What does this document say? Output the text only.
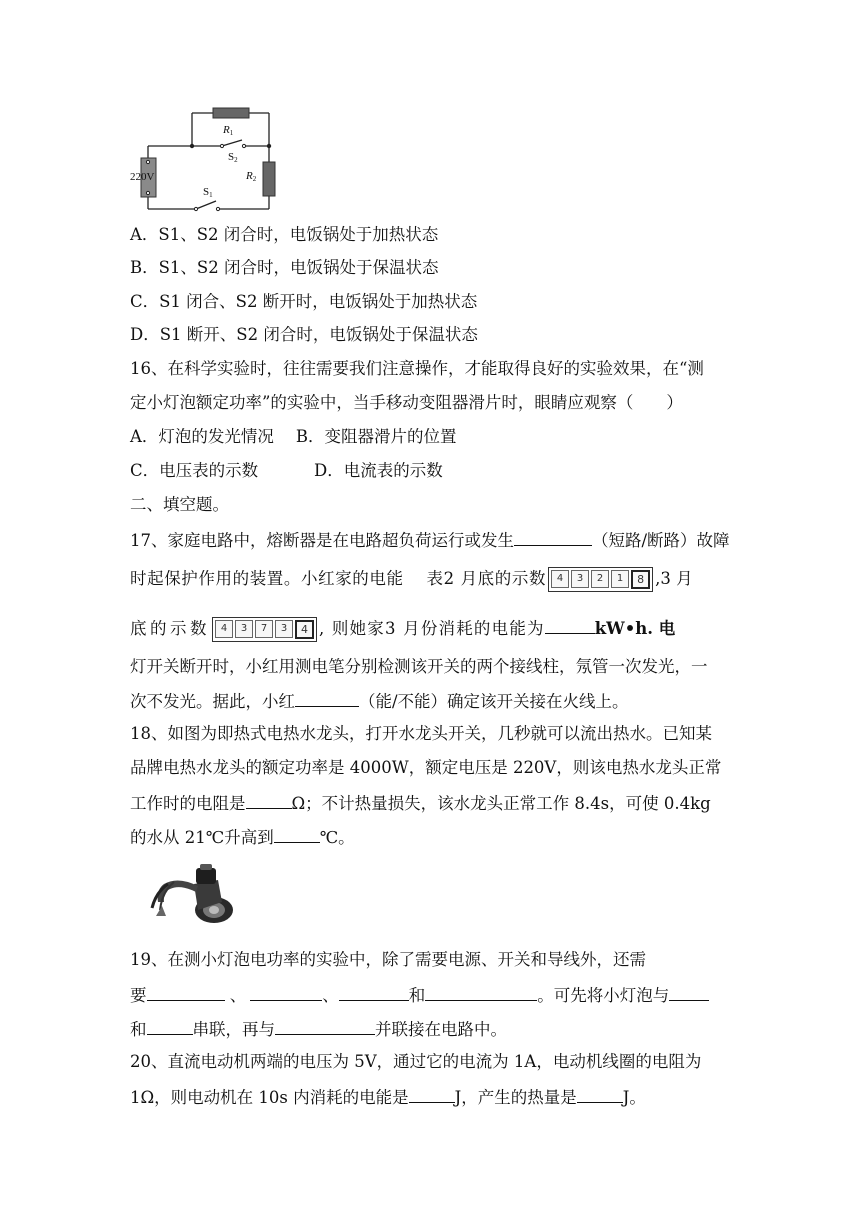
220V
R1
S2
R2
S1
A．S1、S2 闭合时，电饭锅处于加热状态
B．S1、S2 闭合时，电饭锅处于保温状态
C．S1 闭合、S2 断开时，电饭锅处于加热状态
D．S1 断开、S2 闭合时，电饭锅处于保温状态
16、在科学实验时，往往需要我们注意操作，才能取得良好的实验效果，在“测
定小灯泡额定功率”的实验中，当手移动变阻器滑片时，眼睛应观察（　　）
A．灯泡的发光情况 B．变阻器滑片的位置
C．电压表的示数	D．电流表的示数
二、填空题。
17、家庭电路中，熔断器是在电路超负荷运行或发生	（短路/断路）故障
时起保护作用的装置。小红家的电能　 表2 月底的示数	4	3	2	1	8 ,3 月
底的示数	4	3	7	3	4 , 则她家3 月份消耗的电能为	kW•h. 电
灯开关断开时，小红用测电笔分别检测该开关的两个接线柱，氖管一次发光，一
次不发光。据此，小红	（能/不能）确定该开关接在火线上。
18、如图为即热式电热水龙头，打开水龙头开关，几秒就可以流出热水。已知某
品牌电热水龙头的额定功率是 4000W，额定电压是 220V，则该电热水龙头正常
工作时的电阻是	Ω；不计热量损失，该水龙头正常工作 8.4s，可使 0.4kg
的水从 21℃升高到	℃。
19、在测小灯泡电功率的实验中，除了需要电源、开关和导线外，还需
要	、	、	和	。可先将小灯泡与
和	串联，再与	并联接在电路中。
20、直流电动机两端的电压为 5V，通过它的电流为 1A，电动机线圈的电阻为
1Ω，则电动机在 10s 内消耗的电能是	J，产生的热量是	J。
